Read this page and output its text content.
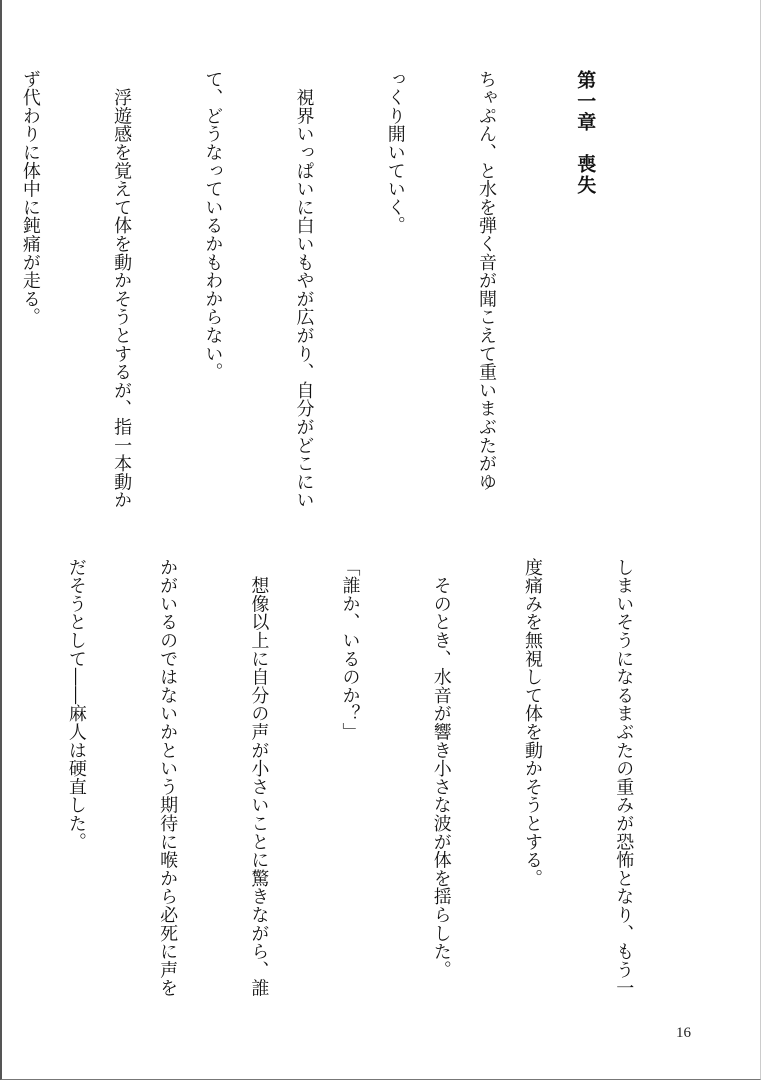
第一章　喪失

ちゃぷん、と水を弾く音が聞こえて重いまぶたがゆ

っくり開いていく。

　視界いっぱいに白いもやが広がり、自分がどこにい

て、どうなっているかもわからない。

　浮遊感を覚えて体を動かそうとするが、指一本動か

ず代わりに体中に鈍痛が走る。

しまいそうになるまぶたの重みが恐怖となり、もう一

度痛みを無視して体を動かそうとする。

　そのとき、水音が響き小さな波が体を揺らした。

「誰か、いるのか？」

　想像以上に自分の声が小さいことに驚きながら、誰

かがいるのではないかという期待に喉から必死に声を

だそうとして――麻人は硬直した。

16
